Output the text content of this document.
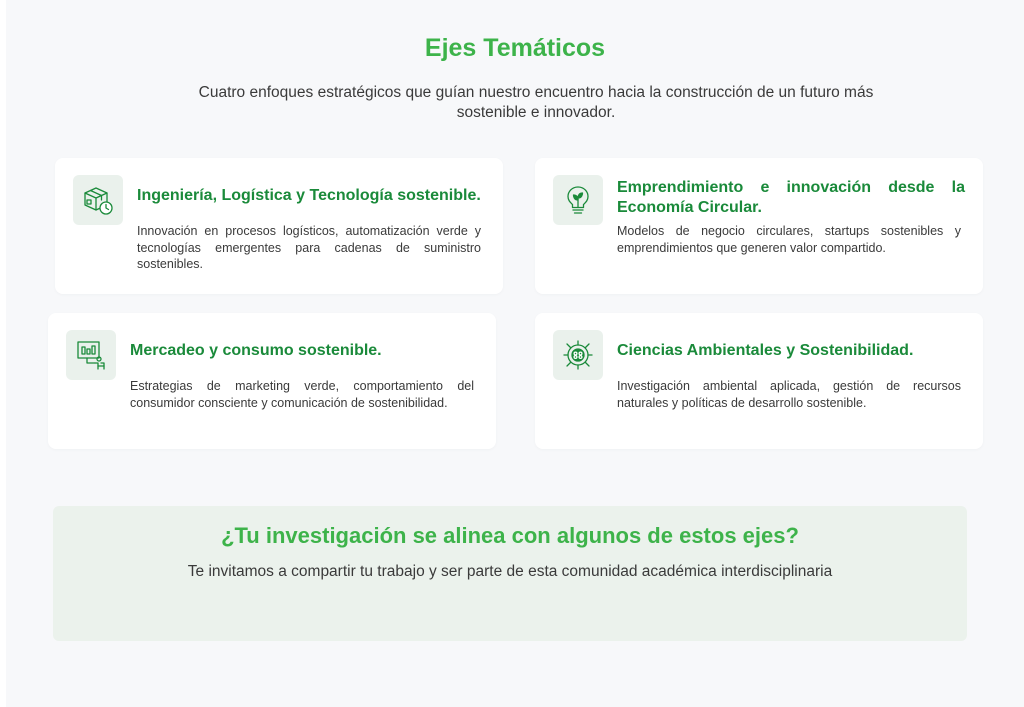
Ejes Temáticos
Cuatro enfoques estratégicos que guían nuestro encuentro hacia la construcción de un futuro más sostenible e innovador.
Ingeniería, Logística y Tecnología sostenible.
Innovación en procesos logísticos, automatización verde y tecnologías emergentes para cadenas de suministro sostenibles.
Emprendimiento e innovación desde la Economía Circular.
Modelos de negocio circulares, startups sostenibles y emprendimientos que generen valor compartido.
Mercadeo y consumo sostenible.
Estrategias de marketing verde, comportamiento del consumidor consciente y comunicación de sostenibilidad.
Ciencias Ambientales y Sostenibilidad.
Investigación ambiental aplicada, gestión de recursos naturales y políticas de desarrollo sostenible.
¿Tu investigación se alinea con algunos de estos ejes?
Te invitamos a compartir tu trabajo y ser parte de esta comunidad académica interdisciplinaria
